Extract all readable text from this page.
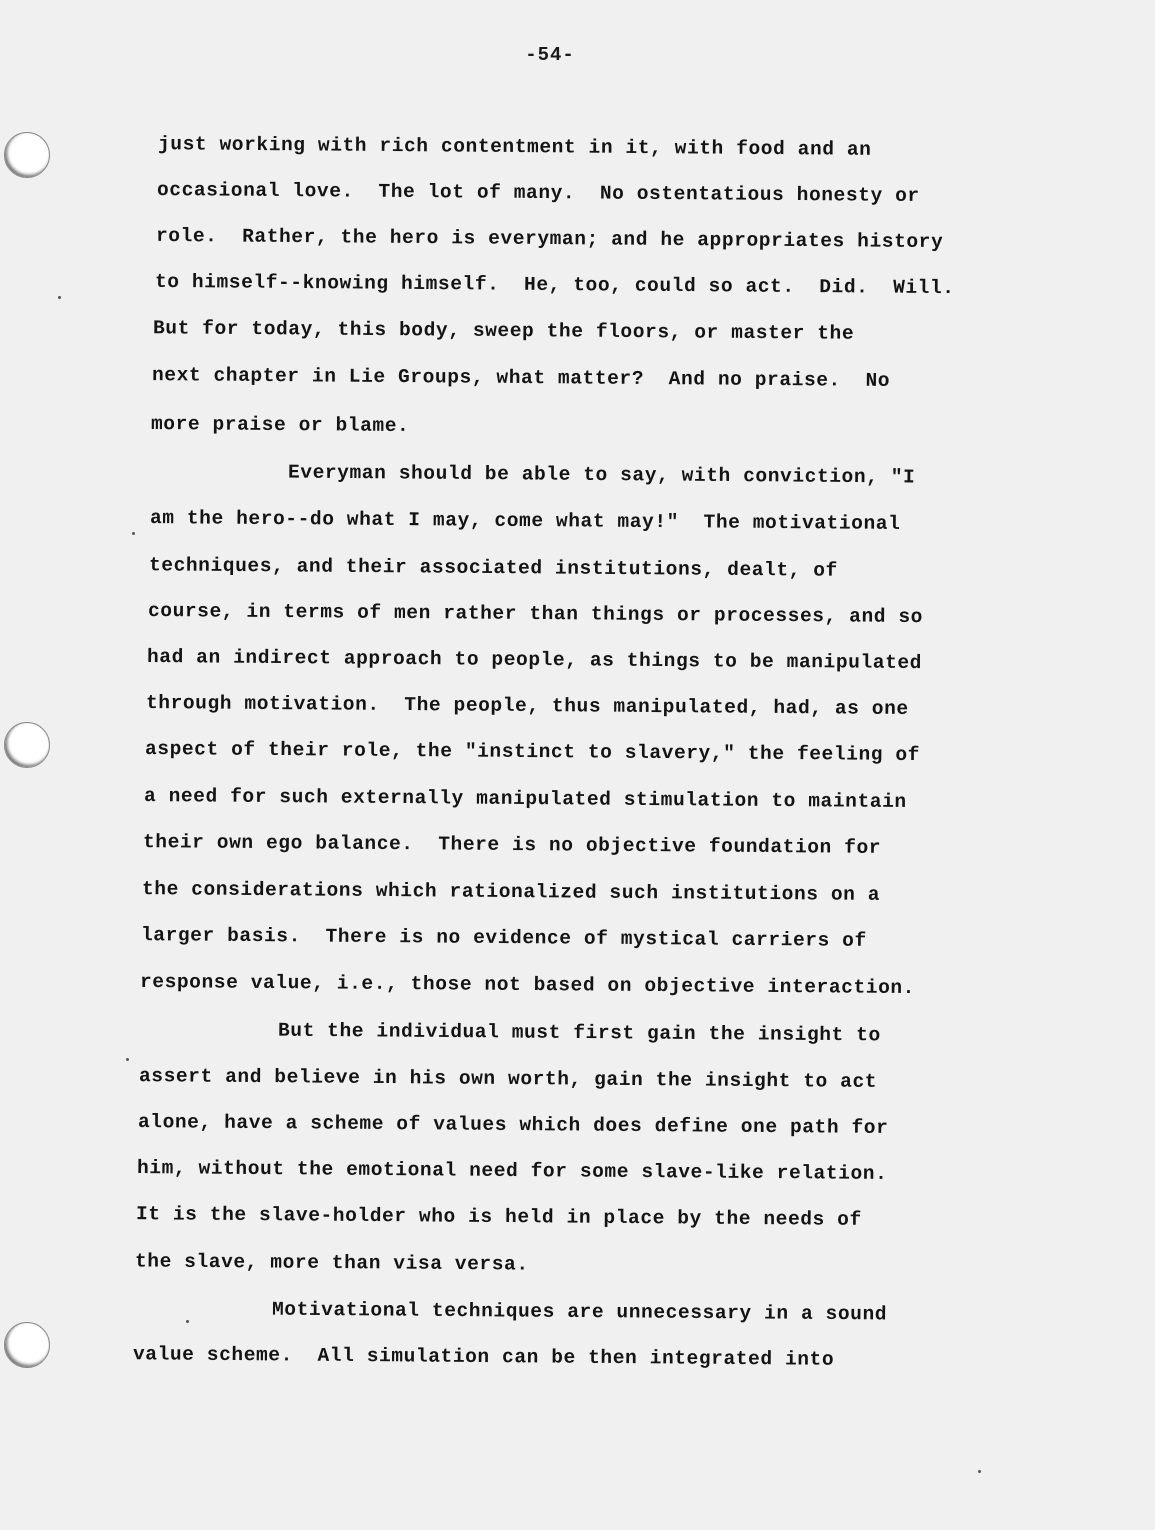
-54-
just working with rich contentment in it, with food and an
occasional love.  The lot of many.  No ostentatious honesty or
role.  Rather, the hero is everyman; and he appropriates history
to himself--knowing himself.  He, too, could so act.  Did.  Will.
But for today, this body, sweep the floors, or master the
next chapter in Lie Groups, what matter?  And no praise.  No
more praise or blame.
Everyman should be able to say, with conviction, "I
am the hero--do what I may, come what may!"  The motivational
techniques, and their associated institutions, dealt, of
course, in terms of men rather than things or processes, and so
had an indirect approach to people, as things to be manipulated
through motivation.  The people, thus manipulated, had, as one
aspect of their role, the "instinct to slavery," the feeling of
a need for such externally manipulated stimulation to maintain
their own ego balance.  There is no objective foundation for
the considerations which rationalized such institutions on a
larger basis.  There is no evidence of mystical carriers of
response value, i.e., those not based on objective interaction.
But the individual must first gain the insight to
assert and believe in his own worth, gain the insight to act
alone, have a scheme of values which does define one path for
him, without the emotional need for some slave-like relation.
It is the slave-holder who is held in place by the needs of
the slave, more than visa versa.
Motivational techniques are unnecessary in a sound
value scheme.  All simulation can be then integrated into
